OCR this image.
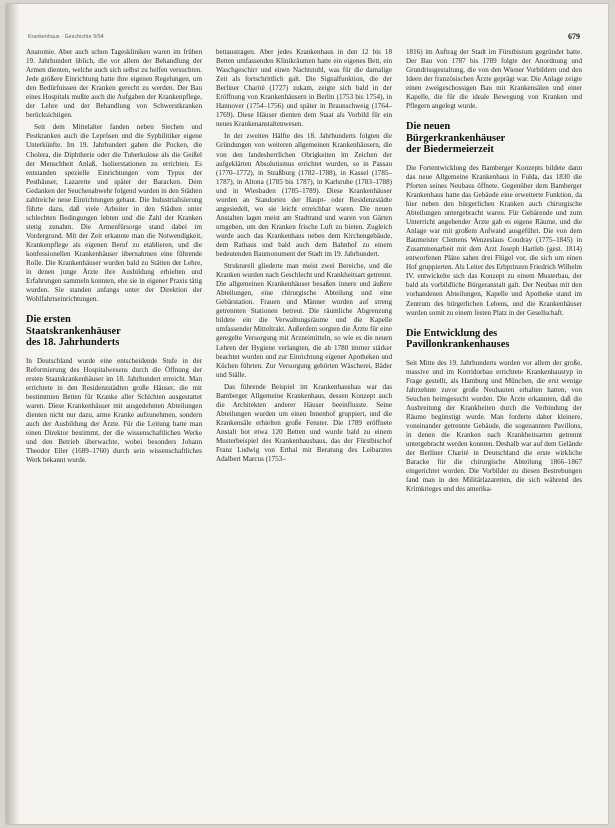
Krankenhaus · Geschichte 9/94	679

Anatomie. Aber auch schon Tageskliniken waren im frühen 19. Jahrhundert üblich, die vor allem der Behandlung der Armen dienten, welche auch sich selbst zu helfen versuchten. Jede größere Einrichtung hatte ihre eigenen Regelungen, um den Bedürfnissen der Kranken gerecht zu werden. Der Bau eines Hospitals mußte auch die Aufgaben der Krankenpflege, der Lehre und der Behandlung von Schwerstkranken berücksichtigen.

Seit dem Mittelalter fanden neben Siechen und Pestkranken auch die Leprösen und die Syphilitiker eigene Unterkünfte. Im 19. Jahrhundert gaben die Pocken, die Cholera, die Diphtherie oder die Tuberkulose als die Geißel der Menschheit Anlaß, Isolierstationen zu errichten. Es entstanden spezielle Einrichtungen vom Typus der Pesthäuser, Lazarette und später der Baracken. Dem Gedanken der Seuchenabwehr folgend wurden in den Städten zahlreiche neue Einrichtungen gebaut. Die Industrialisierung führte dazu, daß viele Arbeiter in den Städten unter schlechten Bedingungen lebten und die Zahl der Kranken stetig zunahm. Die Armenfürsorge stand dabei im Vordergrund. Mit der Zeit erkannte man die Notwendigkeit, Krankenpflege als eigenen Beruf zu etablieren, und die konfessionellen Krankenhäuser übernahmen eine führende Rolle. Die Krankenhäuser wurden bald zu Stätten der Lehre, in denen junge Ärzte ihre Ausbildung erhielten und Erfahrungen sammeln konnten, ehe sie in eigener Praxis tätig wurden. Sie standen anfangs unter der Direktion der Wohlfahrtseinrichtungen.

Die ersten
Staatskrankenhäuser
des 18. Jahrhunderts

In Deutschland wurde eine entscheidende Stufe in der Reformierung des Hospitalwesens durch die Öffnung der ersten Staatskrankenhäuser im 18. Jahrhundert erreicht. Man errichtete in den Residenzstädten große Häuser, die mit bestimmten Betten für Kranke aller Schichten ausgestattet waren. Diese Krankenhäuser mit ausgedehnten Abteilungen dienten nicht nur dazu, arme Kranke aufzunehmen, sondern auch der Ausbildung der Ärzte. Für die Leitung hatte man einen Direktor bestimmt, der die wissenschaftlichen Werke und den Betrieb überwachte, wobei besonders Johann Theodor Eller (1689–1760) durch sein wissenschaftliches Werk bekannt wurde.

bettaustragen. Aber jedes Krankenhaus in den 12 bis 18 Betten umfassenden Klinikräumen hatte ein eigenes Bett, ein Waschgeschirr und einen Nachtstuhl, was für die damalige Zeit als fortschrittlich galt. Die Signalfunktion, die der Berliner Charité (1727) zukam, zeigte sich bald in der Eröffnung von Krankenhäusern in Berlin (1753 bis 1754), in Hannover (1754–1756) und später in Braunschweig (1764–1769). Diese Häuser dienten dem Staat als Vorbild für ein neues Krankenanstaltenwesen.

In der zweiten Hälfte des 18. Jahrhunderts folgten die Gründungen von weiteren allgemeinen Krankenhäusern, die von den landesherrlichen Obrigkeiten im Zeichen der aufgeklärten Absolutismus errichtet wurden, so in Passau (1770–1772), in Straßburg (1782–1788), in Kassel (1785–1787), in Altona (1785 bis 1787), in Karlsruhe (1783–1788) und in Wiesbaden (1785–1789). Diese Krankenhäuser wurden an Standorten der Haupt- oder Residenzstädte angesiedelt, wo sie leicht erreichbar waren. Die neuen Anstalten lagen meist am Stadtrand und waren von Gärten umgeben, um den Kranken frische Luft zu bieten. Zugleich wurde auch das Krankenhaus neben dem Kirchengebäude, dem Rathaus und bald auch dem Bahnhof zu einem bedeutenden Baumonument der Stadt im 19. Jahrhundert.

Strukturell gliederte man meist zwei Bereiche, und die Kranken wurden nach Geschlecht und Krankheitsart getrennt. Die allgemeinen Krankenhäuser besaßen innere und äußere Abteilungen, eine chirurgische Abteilung und eine Gebärstation. Frauen und Männer wurden auf streng getrennten Stationen betreut. Die räumliche Abgrenzung bildete ein die Verwaltungsräume und die Kapelle umfassender Mitteltrakt. Außerdem sorgten die Ärzte für eine geregelte Versorgung mit Arzneimitteln, so wie es die neuen Lehren der Hygiene verlangten, die ab 1780 immer stärker beachtet wurden und zur Einrichtung eigener Apotheken und Küchen führten. Zur Versorgung gehörten Wäscherei, Bäder und Ställe.

Das führende Beispiel im Krankenhausbau war das Bamberger Allgemeine Krankenhaus, dessen Konzept auch die Architekten anderer Häuser beeinflusste. Seine Abteilungen wurden um einen Innenhof gruppiert, und die Krankensäle erhielten große Fenster. Die 1789 eröffnete Anstalt bot etwa 120 Betten und wurde bald zu einem Musterbeispiel des Krankenhausbaus, das der Fürstbischof Franz Ludwig von Erthal mit Beratung des Leibarztes Adalbert Marcus (1753–

1816) im Auftrag der Stadt im Fürstbistum gegründet hatte. Der Bau von 1787 bis 1789 folgte der Anordnung und Grundrissgestaltung, die von den Wiener Vorbildern und den Ideen der französischen Ärzte geprägt war. Die Anlage zeigte einen zweigeschossigen Bau mit Krankensälen und einer Kapelle, die für die ideale Bewegung von Kranken und Pflegern angelegt wurde.

Die neuen
Bürgerkrankenhäuser
der Biedermeierzeit

Die Fortentwicklung des Bamberger Konzepts bildete dann das neue Allgemeine Krankenhaus in Fulda, das 1830 die Pforten seines Neubaus öffnete. Gegenüber dem Bamberger Krankenhaus hatte das Gebäude eine erweiterte Funktion, da hier neben den bürgerlichen Kranken auch chirurgische Abteilungen untergebracht waren. Für Gebärende und zum Unterricht angehender Ärzte gab es eigene Räume, und die Anlage war mit großem Aufwand ausgeführt. Die von dem Baumeister Clemens Wenzeslaus Coudray (1775–1845) in Zusammenarbeit mit dem Arzt Joseph Hartleb (gest. 1814) entworfenen Pläne sahen drei Flügel vor, die sich um einen Hof gruppierten. Als Leiter des Erbprinzen Friedrich Wilhelm IV. entwickelte sich das Konzept zu einem Musterbau, der bald als vorbildliche Bürgeranstalt galt. Der Neubau mit den vorhandenen Abteilungen, Kapelle und Apotheke stand im Zentrum des bürgerlichen Lebens, und die Krankenhäuser wurden somit zu einem festen Platz in der Gesellschaft.

Die Entwicklung des
Pavillonkrankenhauses

Seit Mitte des 19. Jahrhunderts wurden vor allem der große, massive und im Korridorbau errichtete Krankenhaustyp in Frage gestellt, als Hamburg und München, die erst wenige Jahrzehnte zuvor große Neubauten erhalten hatten, von Seuchen heimgesucht wurden. Die Ärzte erkannten, daß die Ausbreitung der Krankheiten durch die Verbindung der Räume begünstigt wurde. Man forderte daher kleinere, voneinander getrennte Gebäude, die sogenannten Pavillons, in denen die Kranken nach Krankheitsarten getrennt untergebracht werden konnten. Deshalb war auf dem Gelände der Berliner Charité in Deutschland die erste wirkliche Baracke für die chirurgische Abteilung 1866–1867 eingerichtet worden. Die Vorbilder zu diesen Bestrebungen fand man in den Militärlazaretten, die sich während des Krimkrieges und des amerika-
